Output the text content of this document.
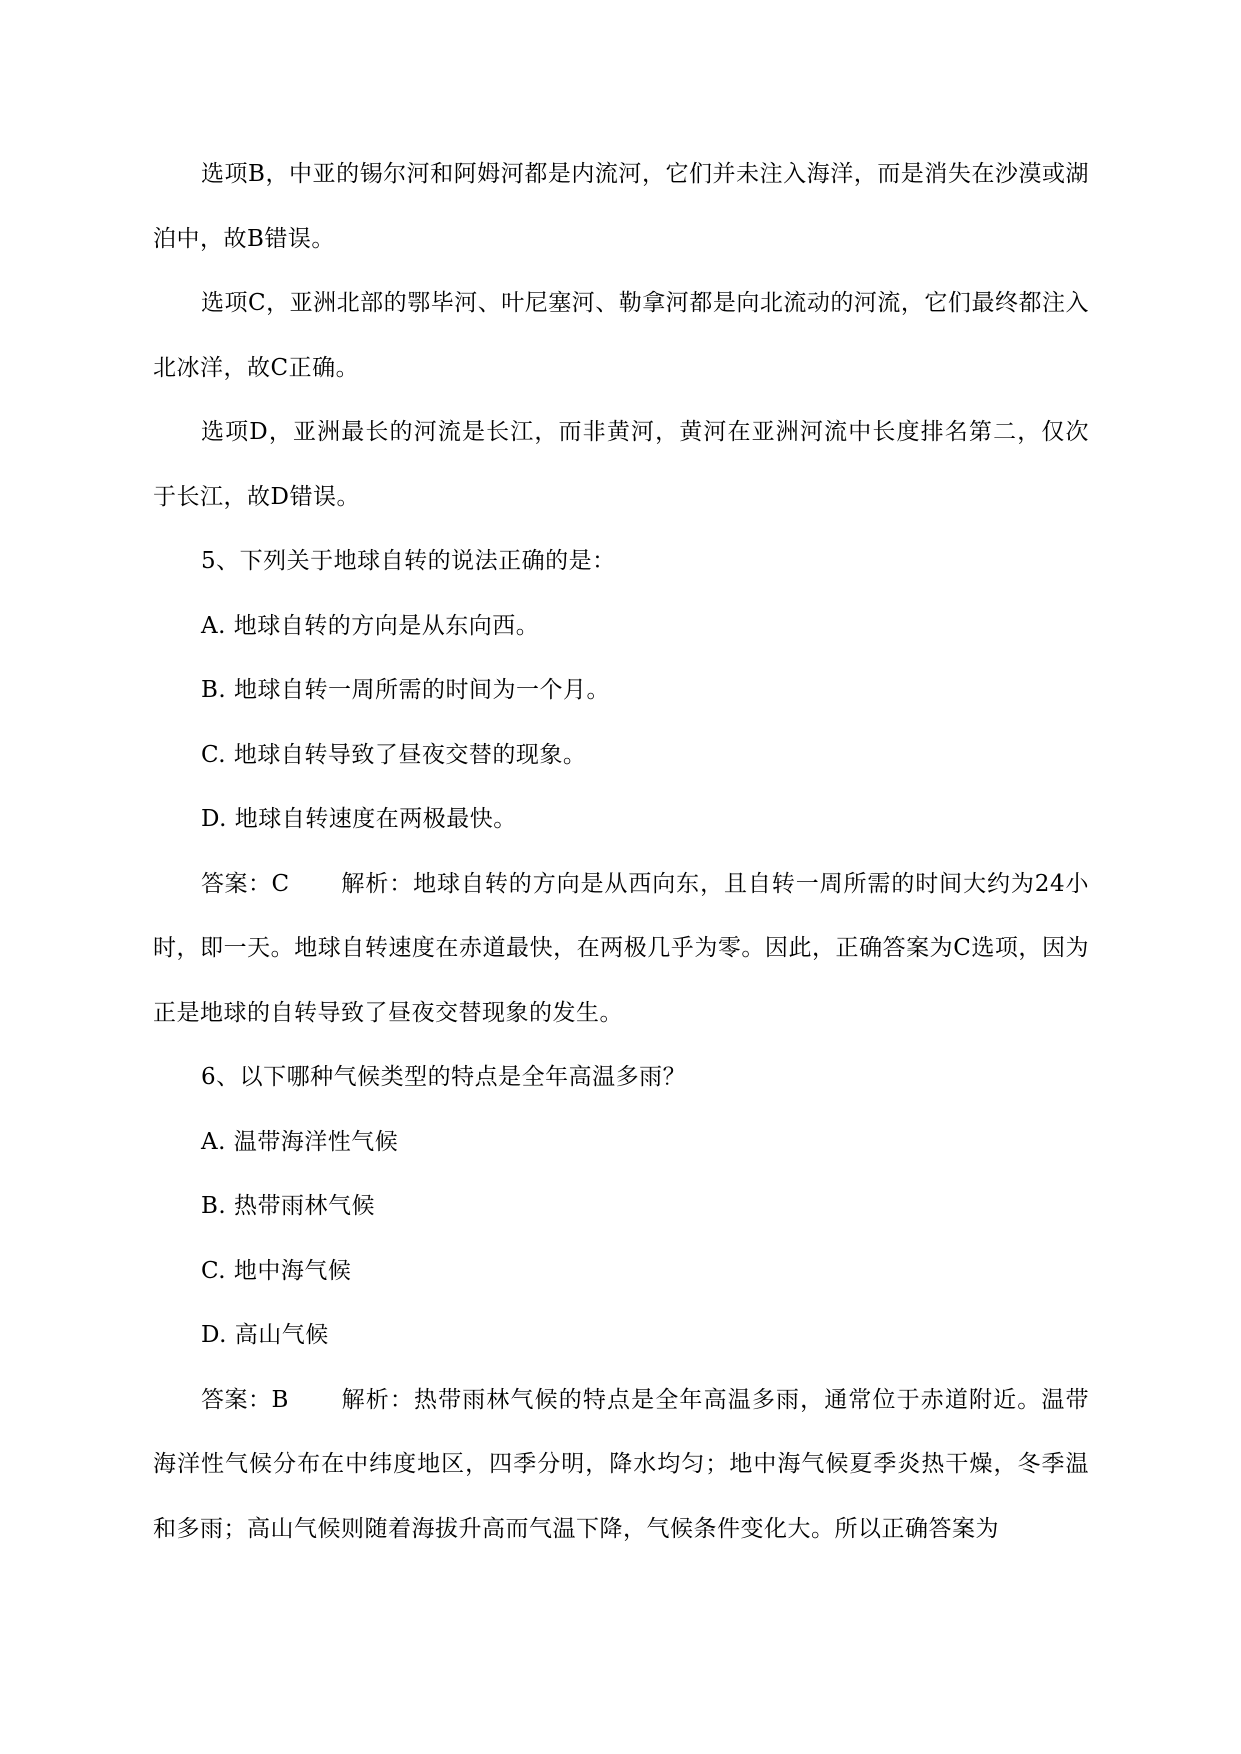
选项B，中亚的锡尔河和阿姆河都是内流河，它们并未注入海洋，而是消失在沙漠或湖泊中，故B错误。

选项C，亚洲北部的鄂毕河、叶尼塞河、勒拿河都是向北流动的河流，它们最终都注入北冰洋，故C正确。

选项D，亚洲最长的河流是长江，而非黄河，黄河在亚洲河流中长度排名第二，仅次于长江，故D错误。

5、下列关于地球自转的说法正确的是：

A. 地球自转的方向是从东向西。

B. 地球自转一周所需的时间为一个月。

C. 地球自转导致了昼夜交替的现象。

D. 地球自转速度在两极最快。

答案：C 解析：地球自转的方向是从西向东，且自转一周所需的时间大约为24小时，即一天。地球自转速度在赤道最快，在两极几乎为零。因此，正确答案为C选项，因为正是地球的自转导致了昼夜交替现象的发生。

6、以下哪种气候类型的特点是全年高温多雨？

A. 温带海洋性气候

B. 热带雨林气候

C. 地中海气候

D. 高山气候

答案：B 解析：热带雨林气候的特点是全年高温多雨，通常位于赤道附近。温带海洋性气候分布在中纬度地区，四季分明，降水均匀；地中海气候夏季炎热干燥，冬季温和多雨；高山气候则随着海拔升高而气温下降，气候条件变化大。所以正确答案为
